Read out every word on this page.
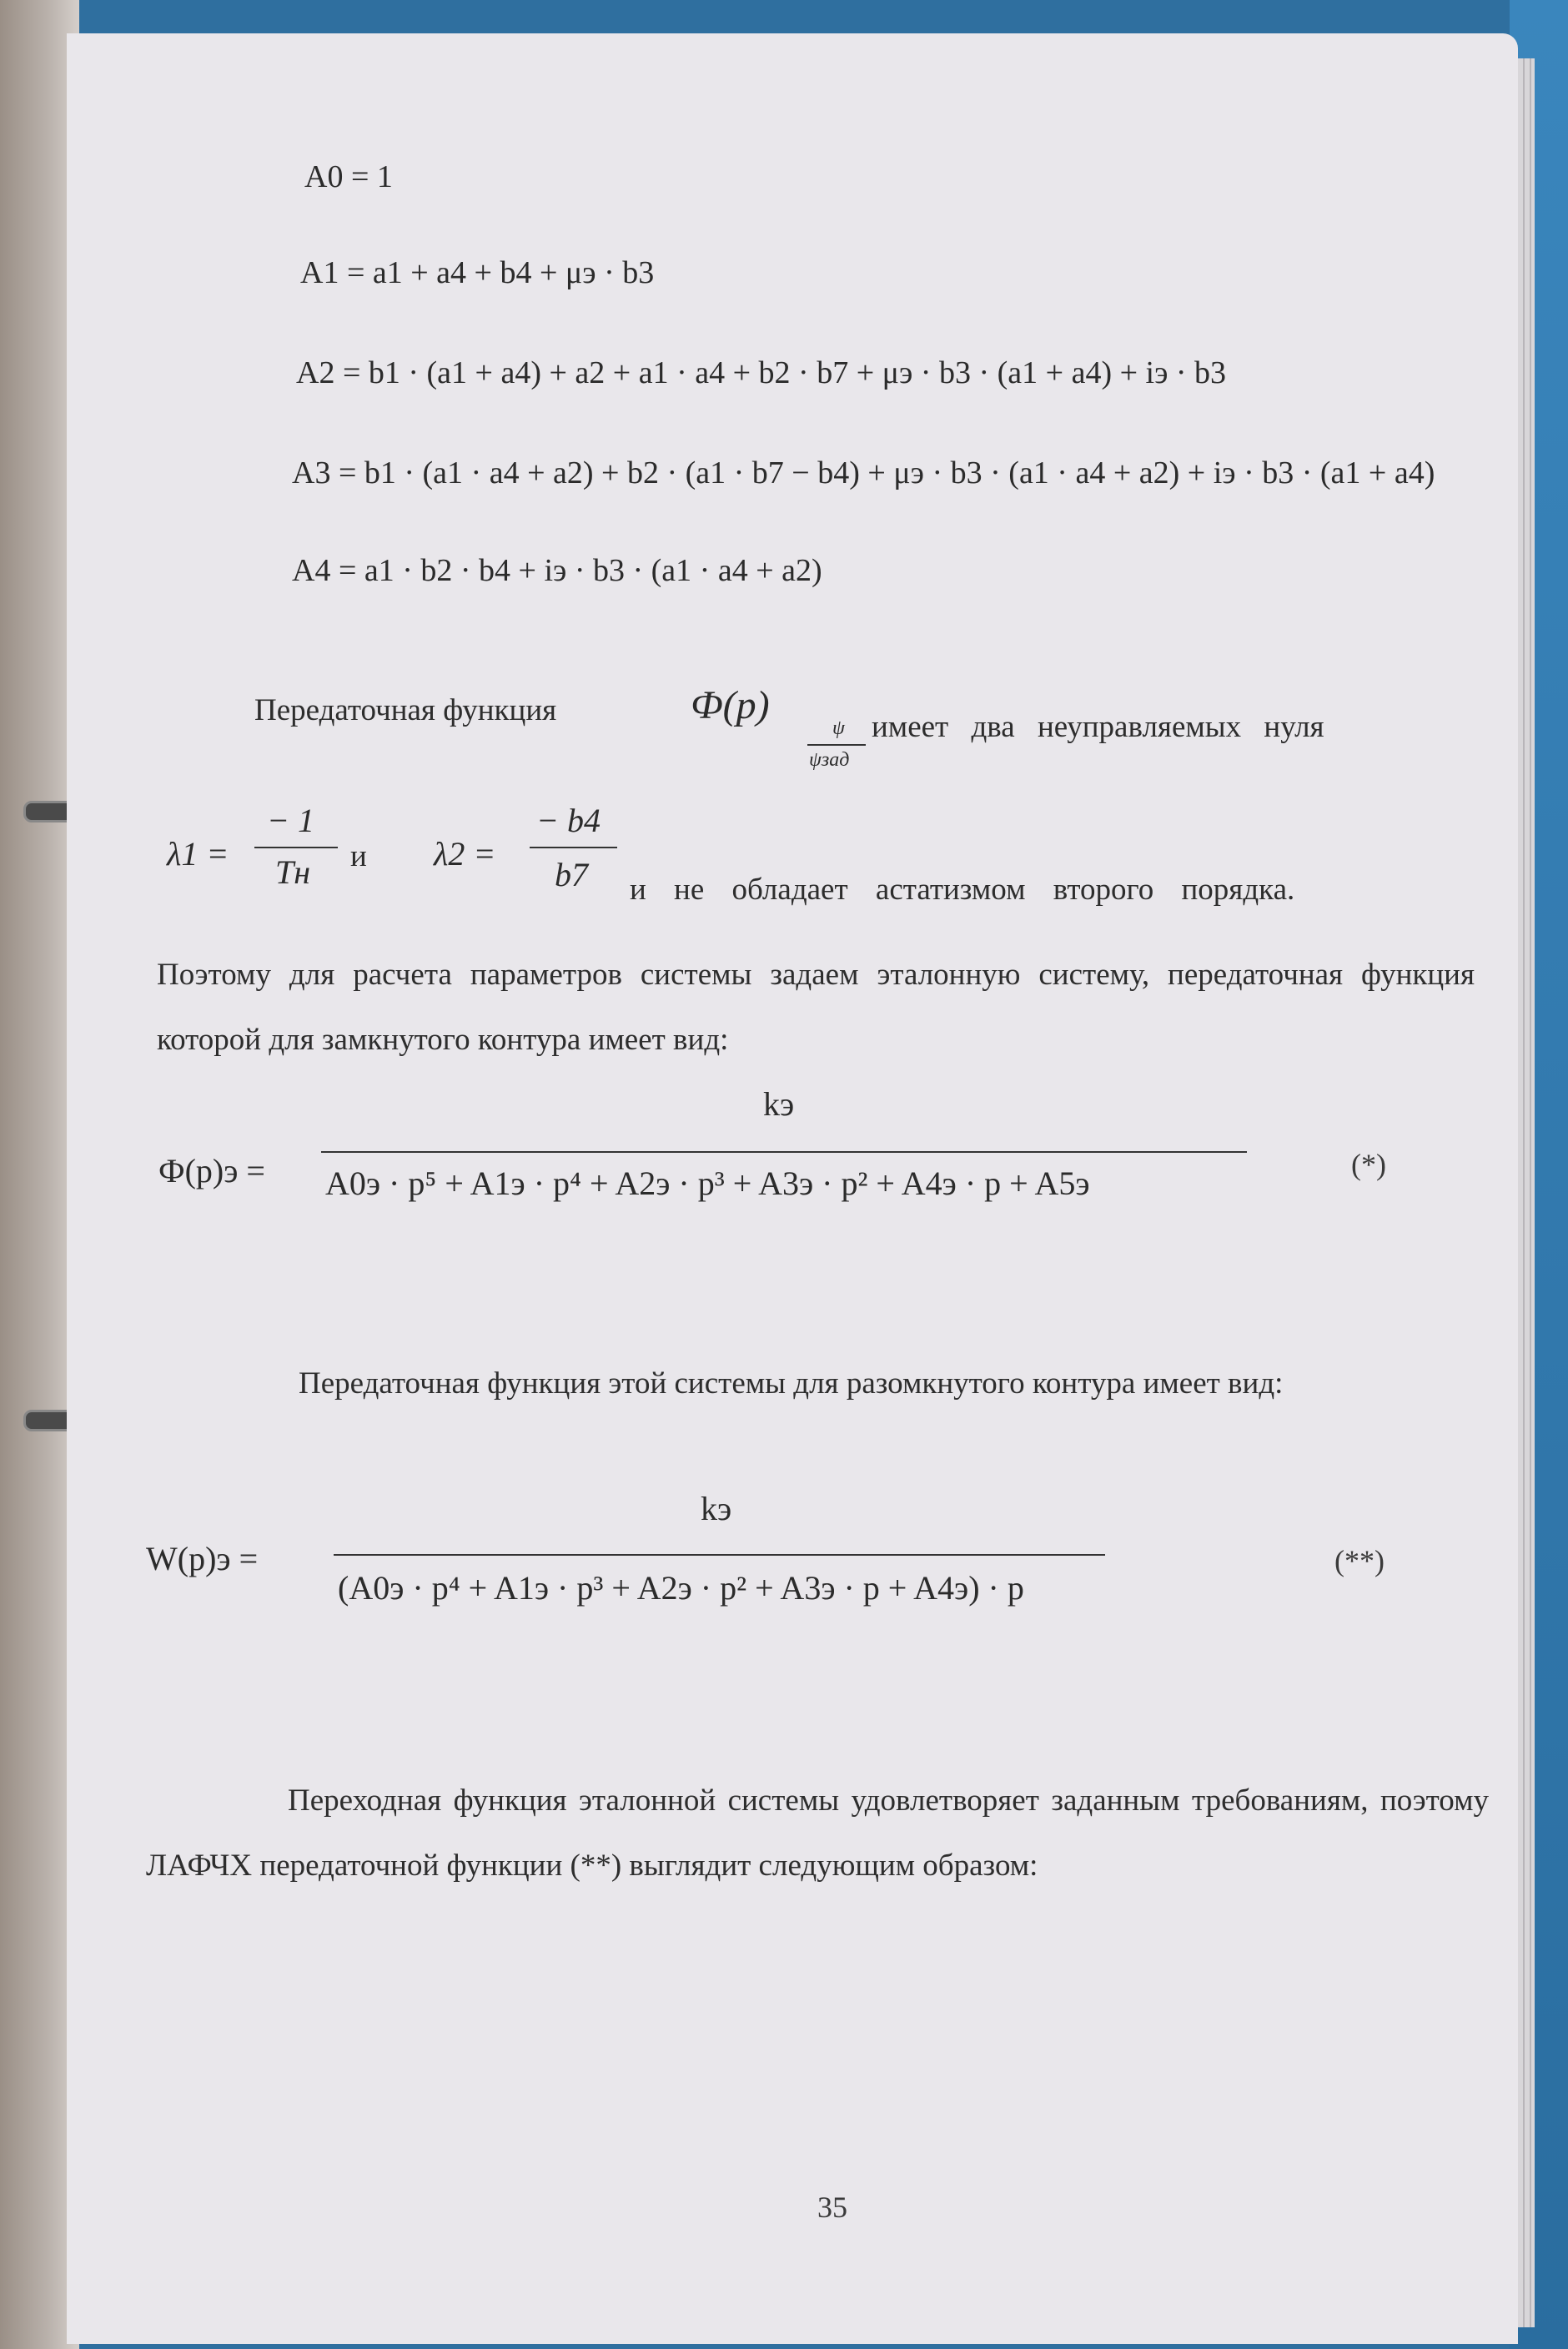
A0 = 1
A1 = a1 + a4 + b4 + μэ · b3
A2 = b1 · (a1 + a4) + a2 + a1 · a4 + b2 · b7 + μэ · b3 · (a1 + a4) + iэ · b3
A3 = b1 · (a1 · a4 + a2) + b2 · (a1 · b7 − b4) + μэ · b3 · (a1 · a4 + a2) + iэ · b3 · (a1 + a4)
A4 = a1 · b2 · b4 + iэ · b3 · (a1 · a4 + a2)
Передаточная функция	Ф(p)
ψ
ψзад
имеет два неуправляемых нуля
λ1 =
− 1
Tн и λ2 =
− b4
b7 и не обладает астатизмом второго порядка.
Поэтому для расчета параметров системы задаем эталонную систему, передаточная функция которой для замкнутого контура имеет вид:
Ф(p)э =
kэ
A0э · p⁵ + A1э · p⁴ + A2э · p³ + A3э · p² + A4э · p + A5э	(*)
Передаточная функция этой системы для разомкнутого контура имеет вид:
W(p)э =
kэ
(A0э · p⁴ + A1э · p³ + A2э · p² + A3э · p + A4э) · p
(**)
Переходная функция эталонной системы удовлетворяет заданным требованиям, поэтому ЛАФЧХ передаточной функции (**) выглядит следующим образом:
35
